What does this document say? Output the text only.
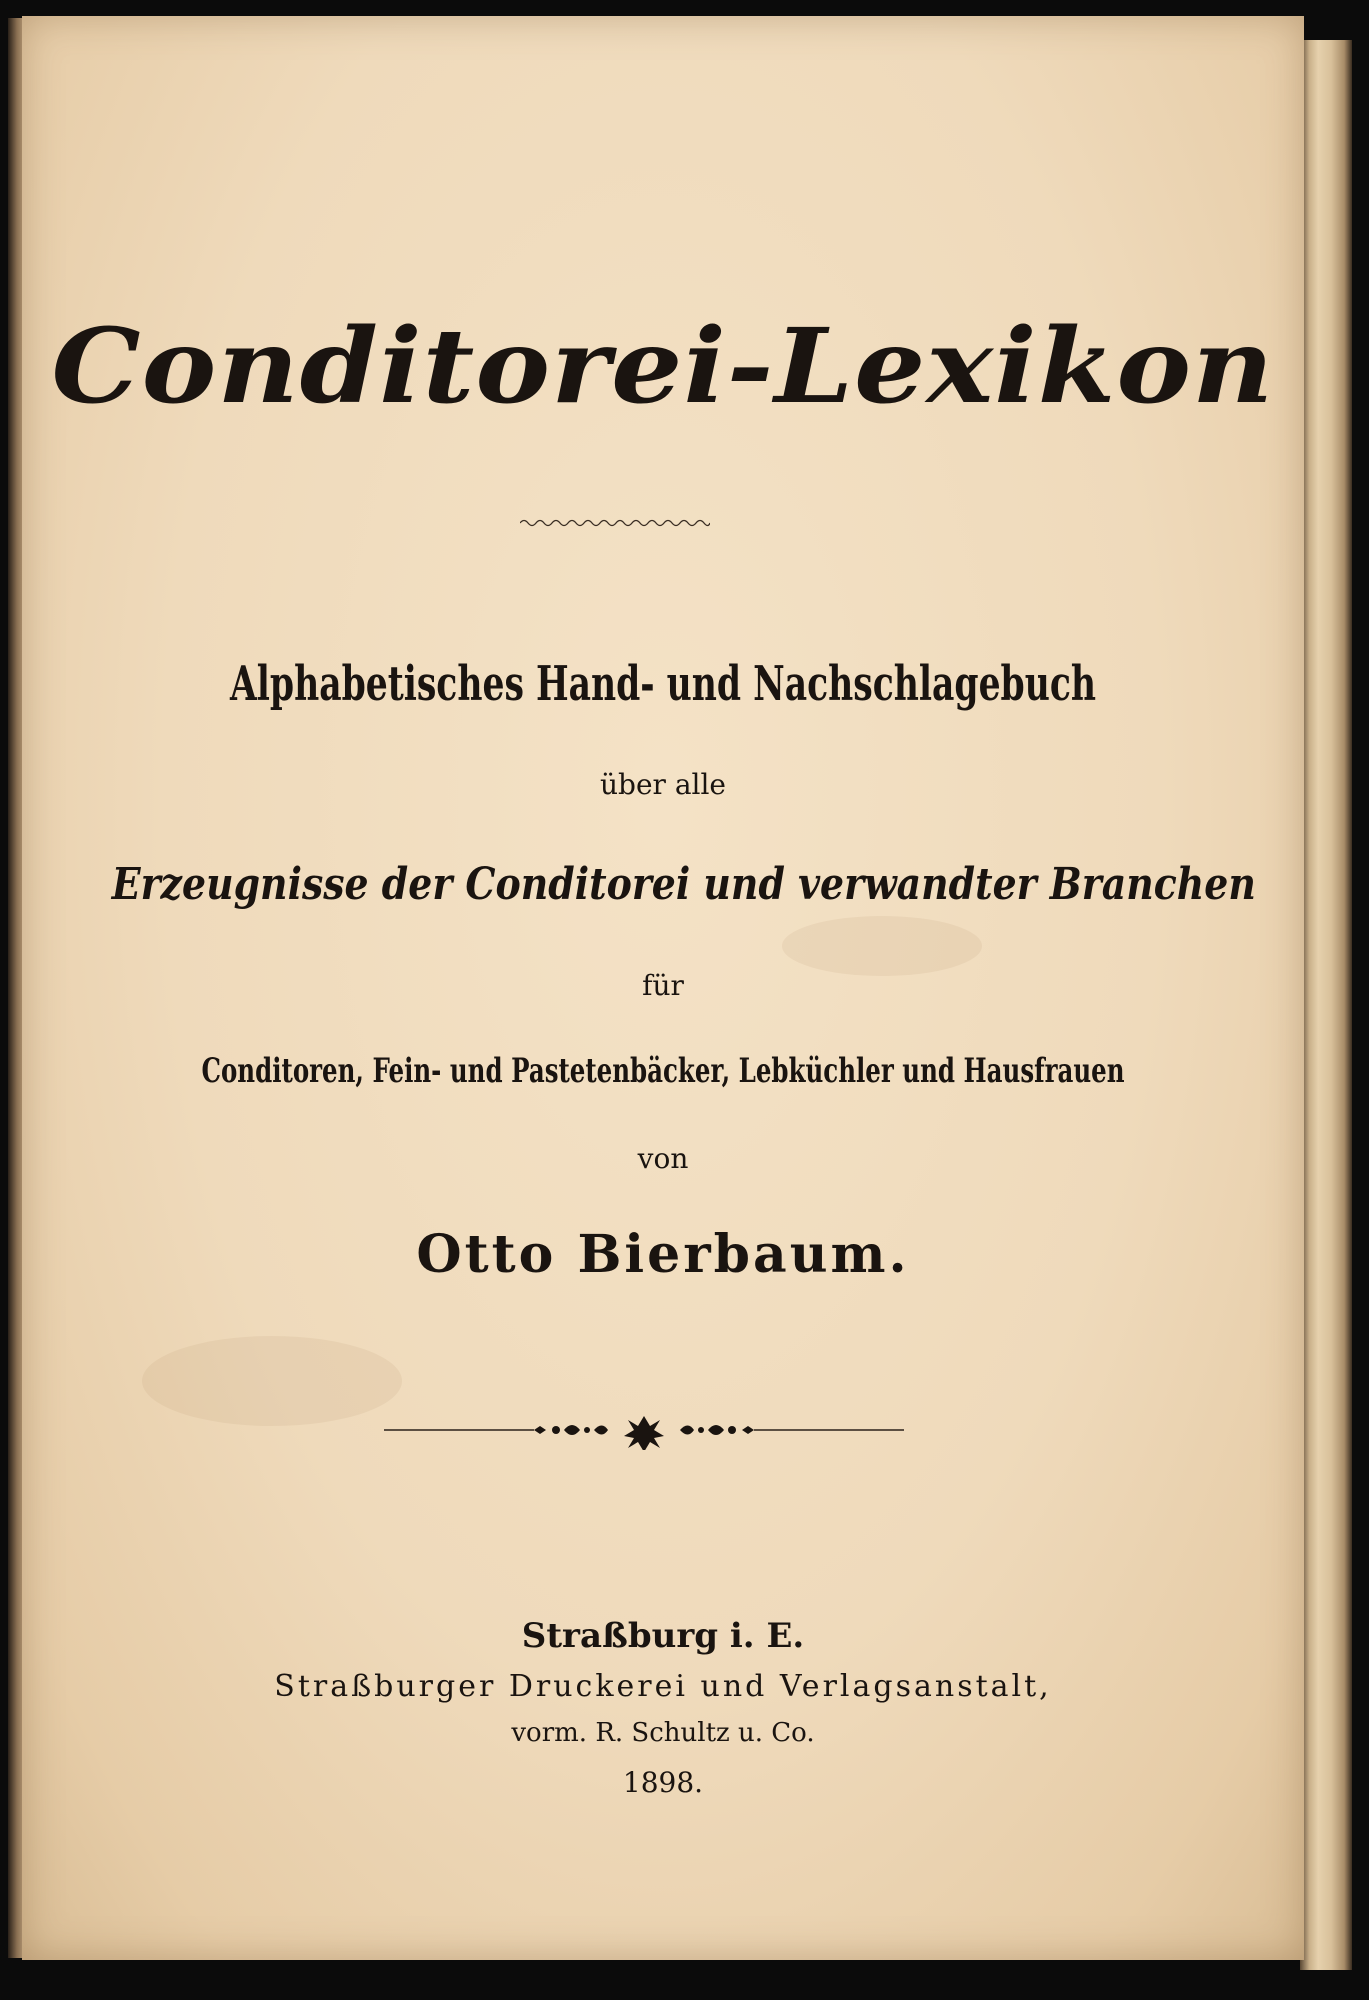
Conditorei-Lexikon
Alphabetisches Hand- und Nachschlagebuch
über alle
Erzeugnisse der Conditorei und verwandter Branchen
für
Conditoren, Fein- und Pastetenbäcker, Lebküchler und Hausfrauen
von
Otto Bierbaum.
Straßburg i. E.
Straßburger Druckerei und Verlagsanstalt,
vorm. R. Schultz u. Co.
1898.
